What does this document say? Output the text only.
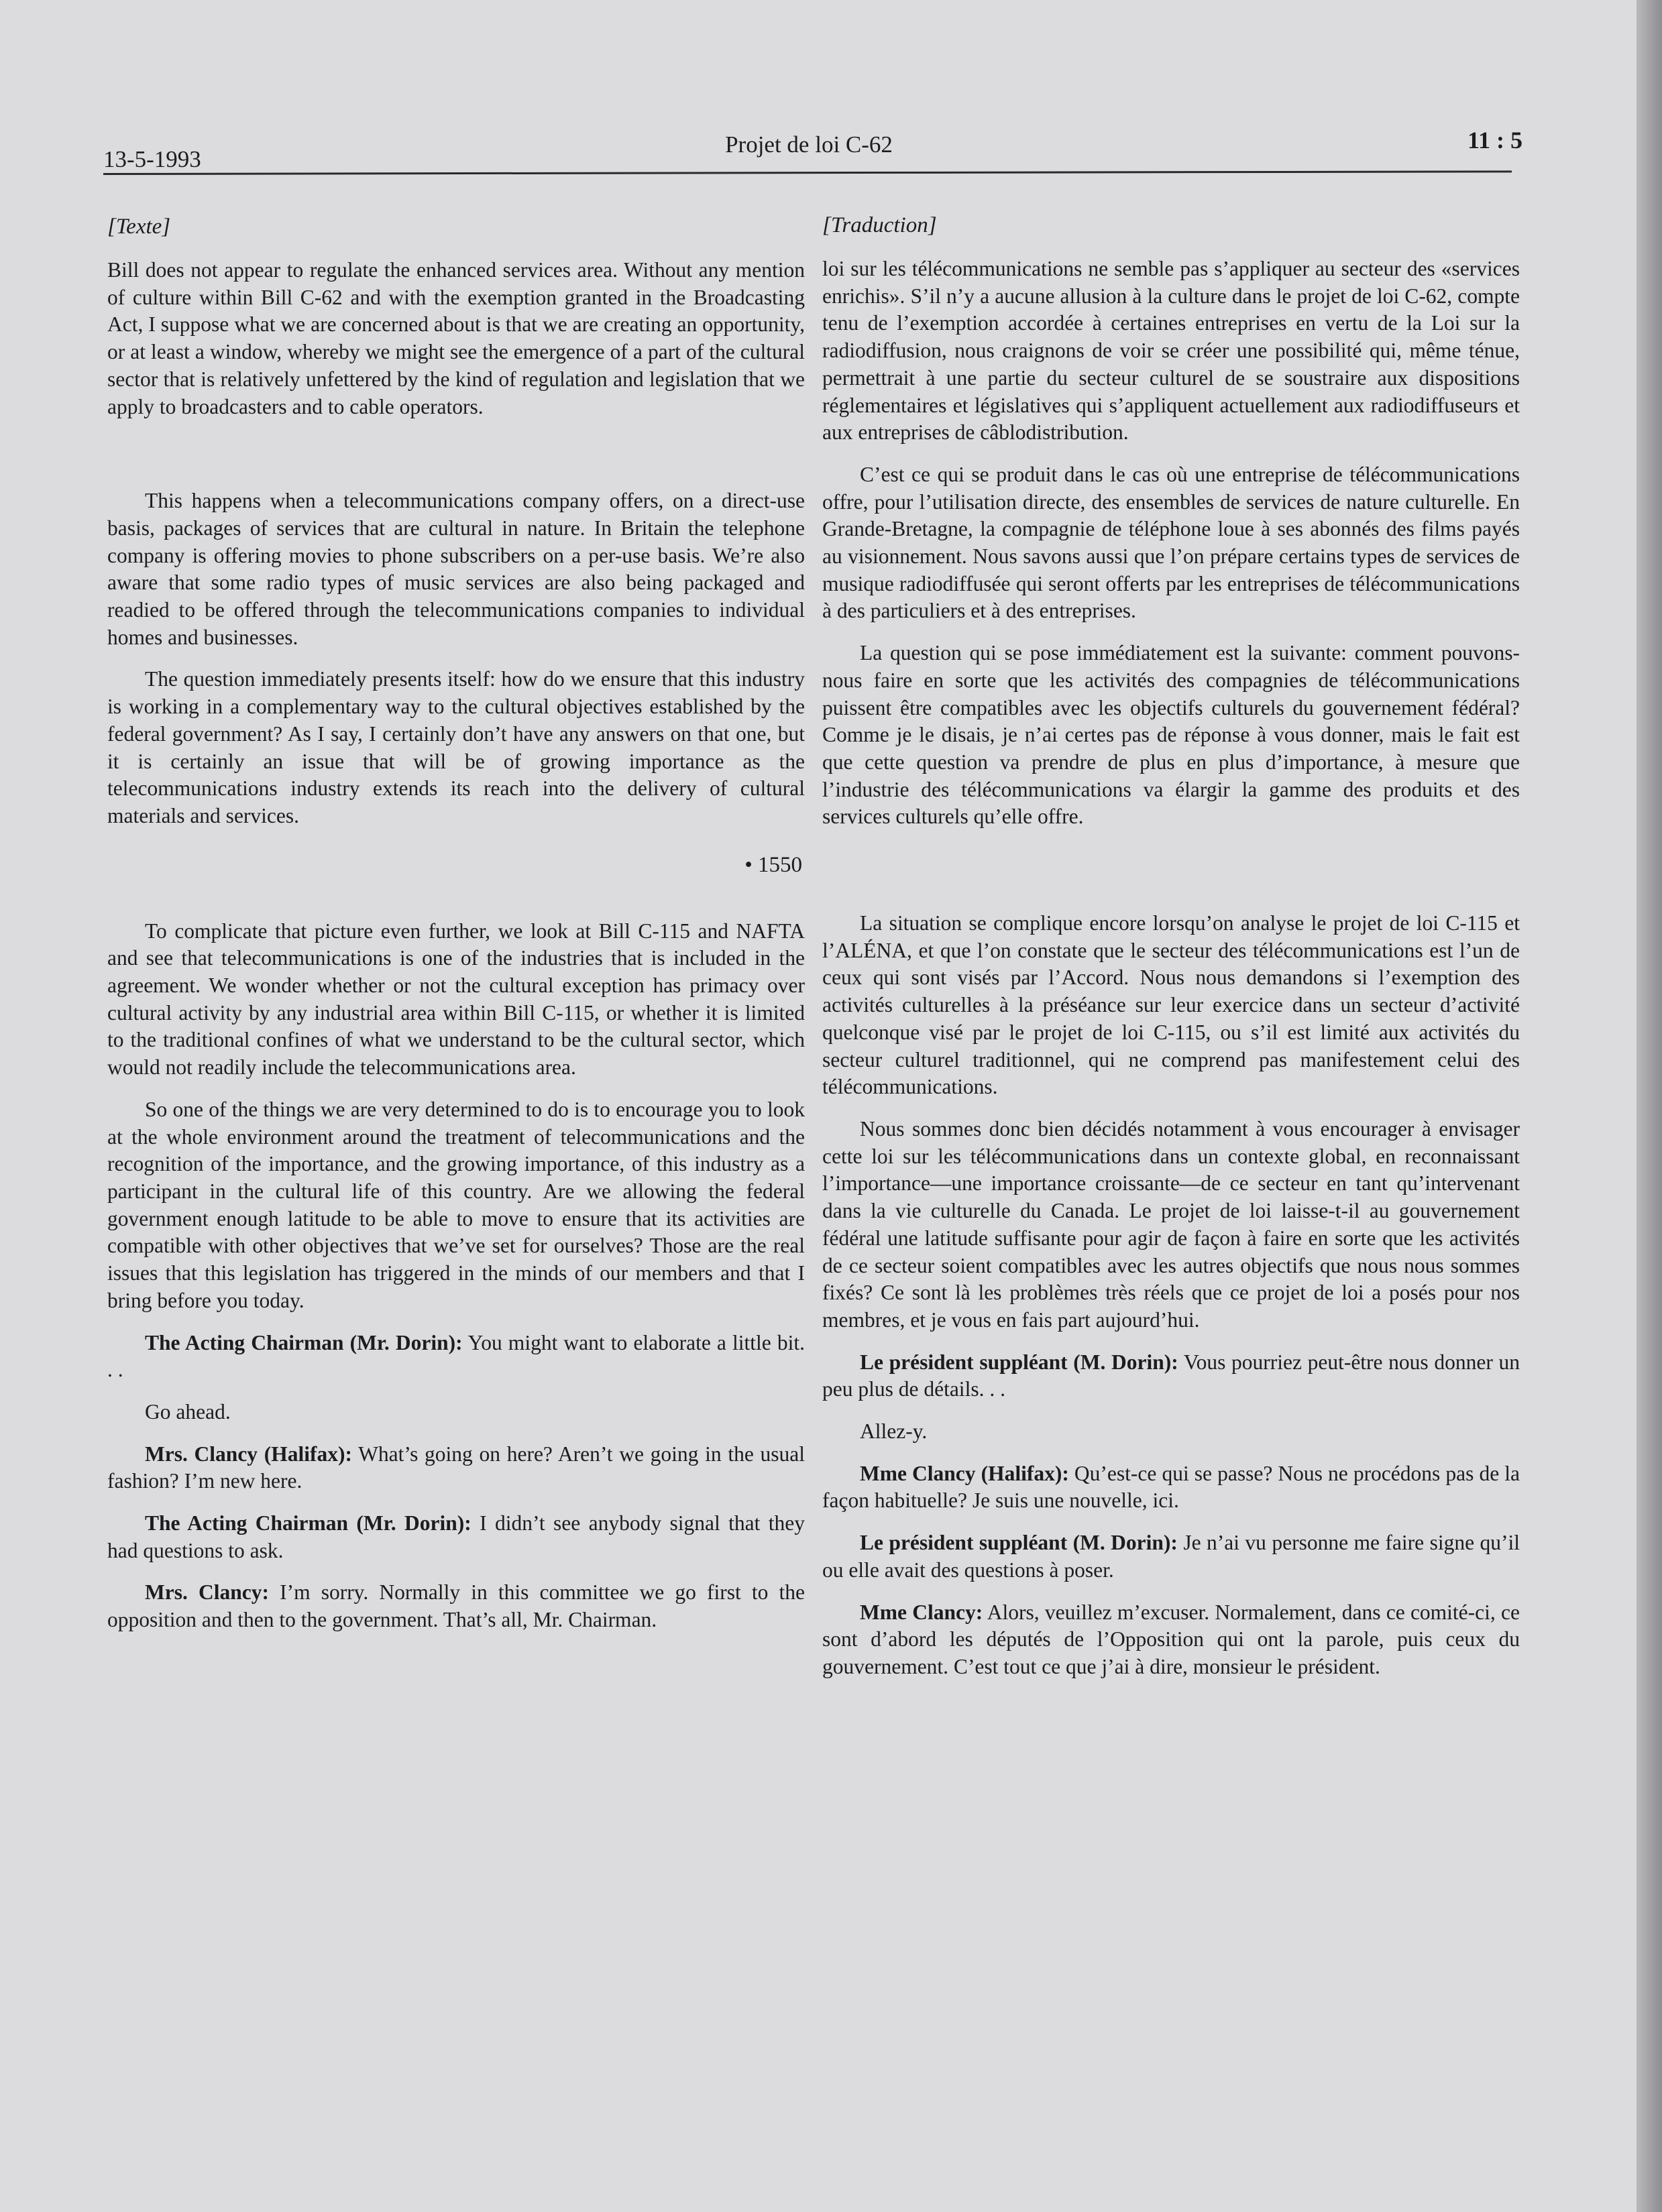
13-5-1993
Projet de loi C-62	11 : 5
[Texte]

Bill does not appear to regulate the enhanced services area. Without any mention of culture within Bill C-62 and with the exemption granted in the Broadcasting Act, I suppose what we are concerned about is that we are creating an opportunity, or at least a window, whereby we might see the emergence of a part of the cultural sector that is relatively unfettered by the kind of regulation and legislation that we apply to broadcasters and to cable operators.

This happens when a telecommunications company offers, on a direct-use basis, packages of services that are cultural in nature. In Britain the telephone company is offering movies to phone subscribers on a per-use basis. We’re also aware that some radio types of music services are also being packaged and readied to be offered through the telecommunications companies to individual homes and businesses.

The question immediately presents itself: how do we ensure that this industry is working in a complementary way to the cultural objectives established by the federal government? As I say, I certainly don’t have any answers on that one, but it is certainly an issue that will be of growing importance as the telecommunications industry extends its reach into the delivery of cultural materials and services.

• 1550

To complicate that picture even further, we look at Bill C-115 and NAFTA and see that telecommunications is one of the industries that is included in the agreement. We wonder whether or not the cultural exception has primacy over cultural activity by any industrial area within Bill C-115, or whether it is limited to the traditional confines of what we understand to be the cultural sector, which would not readily include the telecommunications area.

So one of the things we are very determined to do is to encourage you to look at the whole environment around the treatment of telecommunications and the recognition of the importance, and the growing importance, of this industry as a participant in the cultural life of this country. Are we allowing the federal government enough latitude to be able to move to ensure that its activities are compatible with other objectives that we’ve set for ourselves? Those are the real issues that this legislation has triggered in the minds of our members and that I bring before you today.

The Acting Chairman (Mr. Dorin): You might want to elaborate a little bit. . .

Go ahead.

Mrs. Clancy (Halifax): What’s going on here? Aren’t we going in the usual fashion? I’m new here.

The Acting Chairman (Mr. Dorin): I didn’t see anybody signal that they had questions to ask.

Mrs. Clancy: I’m sorry. Normally in this committee we go first to the opposition and then to the government. That’s all, Mr. Chairman.

[Traduction]

loi sur les télécommunications ne semble pas s’appliquer au secteur des «services enrichis». S’il n’y a aucune allusion à la culture dans le projet de loi C-62, compte tenu de l’exemption accordée à certaines entreprises en vertu de la Loi sur la radiodiffusion, nous craignons de voir se créer une possibilité qui, même ténue, permettrait à une partie du secteur culturel de se soustraire aux dispositions réglementaires et législatives qui s’appliquent actuellement aux radiodiffuseurs et aux entreprises de câblodistribution.

C’est ce qui se produit dans le cas où une entreprise de télécommunications offre, pour l’utilisation directe, des ensembles de services de nature culturelle. En Grande-Bretagne, la compagnie de téléphone loue à ses abonnés des films payés au visionnement. Nous savons aussi que l’on prépare certains types de services de musique radiodiffusée qui seront offerts par les entreprises de télécommunications à des particuliers et à des entreprises.

La question qui se pose immédiatement est la suivante: comment pouvons-nous faire en sorte que les activités des compagnies de télécommunications puissent être compatibles avec les objectifs culturels du gouvernement fédéral? Comme je le disais, je n’ai certes pas de réponse à vous donner, mais le fait est que cette question va prendre de plus en plus d’importance, à mesure que l’industrie des télécommunications va élargir la gamme des produits et des services culturels qu’elle offre.

La situation se complique encore lorsqu’on analyse le projet de loi C-115 et l’ALÉNA, et que l’on constate que le secteur des télécommunications est l’un de ceux qui sont visés par l’Accord. Nous nous demandons si l’exemption des activités culturelles à la préséance sur leur exercice dans un secteur d’activité quelconque visé par le projet de loi C-115, ou s’il est limité aux activités du secteur culturel traditionnel, qui ne comprend pas manifestement celui des télécommunications.

Nous sommes donc bien décidés notamment à vous encourager à envisager cette loi sur les télécommunications dans un contexte global, en reconnaissant l’importance—une importance croissante—de ce secteur en tant qu’intervenant dans la vie culturelle du Canada. Le projet de loi laisse-t-il au gouvernement fédéral une latitude suffisante pour agir de façon à faire en sorte que les activités de ce secteur soient compatibles avec les autres objectifs que nous nous sommes fixés? Ce sont là les problèmes très réels que ce projet de loi a posés pour nos membres, et je vous en fais part aujourd’hui.

Le président suppléant (M. Dorin): Vous pourriez peut-être nous donner un peu plus de détails. . .

Allez-y.

Mme Clancy (Halifax): Qu’est-ce qui se passe? Nous ne procédons pas de la façon habituelle? Je suis une nouvelle, ici.

Le président suppléant (M. Dorin): Je n’ai vu personne me faire signe qu’il ou elle avait des questions à poser.

Mme Clancy: Alors, veuillez m’excuser. Normalement, dans ce comité-ci, ce sont d’abord les députés de l’Opposition qui ont la parole, puis ceux du gouvernement. C’est tout ce que j’ai à dire, monsieur le président.
